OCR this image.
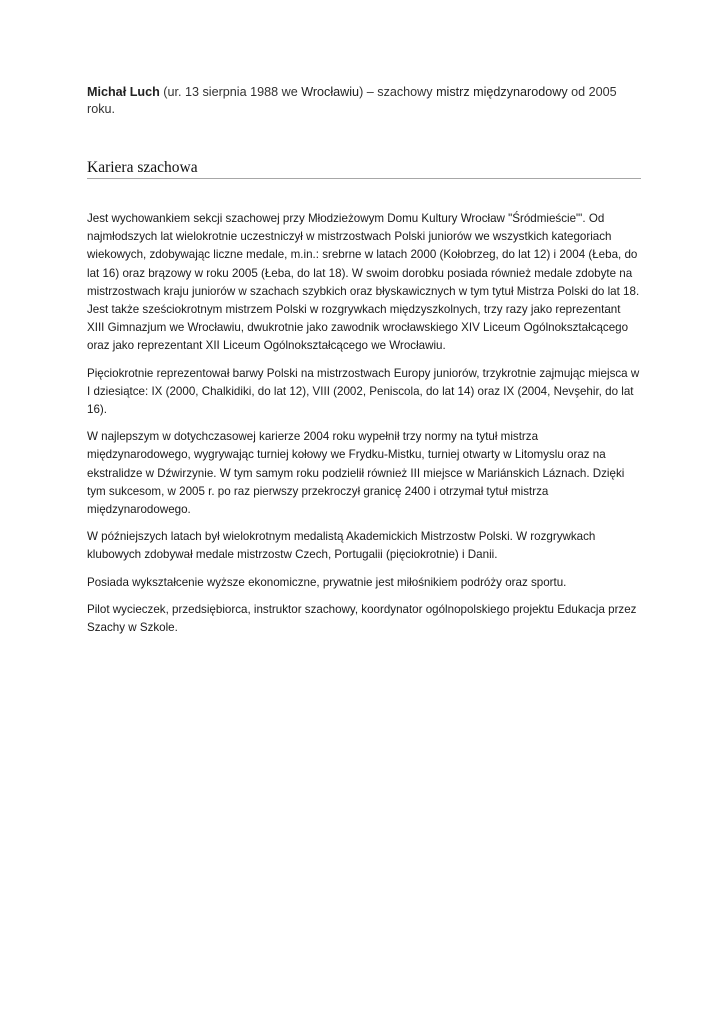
Michał Luch (ur. 13 sierpnia 1988 we Wrocławiu) – szachowy mistrz międzynarodowy od 2005 roku.

Kariera szachowa

Jest wychowankiem sekcji szachowej przy Młodzieżowym Domu Kultury Wrocław "Śródmieście"'. Od najmłodszych lat wielokrotnie uczestniczył w mistrzostwach Polski juniorów we wszystkich kategoriach wiekowych, zdobywając liczne medale, m.in.: srebrne w latach 2000 (Kołobrzeg, do lat 12) i 2004 (Łeba, do lat 16) oraz brązowy w roku 2005 (Łeba, do lat 18). W swoim dorobku posiada również medale zdobyte na mistrzostwach kraju juniorów w szachach szybkich oraz błyskawicznych w tym tytuł Mistrza Polski do lat 18. Jest także sześciokrotnym mistrzem Polski w rozgrywkach międzyszkolnych, trzy razy jako reprezentant XIII Gimnazjum we Wrocławiu, dwukrotnie jako zawodnik wrocławskiego XIV Liceum Ogólnokształcącego oraz jako reprezentant XII Liceum Ogólnokształcącego we Wrocławiu.

Pięciokrotnie reprezentował barwy Polski na mistrzostwach Europy juniorów, trzykrotnie zajmując miejsca w I dziesiątce: IX (2000, Chalkidiki, do lat 12), VIII (2002, Peniscola, do lat 14) oraz IX (2004, Nevşehir, do lat 16).

W najlepszym w dotychczasowej karierze 2004 roku wypełnił trzy normy na tytuł mistrza międzynarodowego, wygrywając turniej kołowy we Frydku-Mistku, turniej otwarty w Litomyslu oraz na ekstralidze w Dźwirzynie. W tym samym roku podzielił również III miejsce w Mariánskich Láznach. Dzięki tym sukcesom, w 2005 r. po raz pierwszy przekroczył granicę 2400 i otrzymał tytuł mistrza międzynarodowego.

W późniejszych latach był wielokrotnym medalistą Akademickich Mistrzostw Polski. W rozgrywkach klubowych zdobywał medale mistrzostw Czech, Portugalii (pięciokrotnie) i Danii.

Posiada wykształcenie wyższe ekonomiczne, prywatnie jest miłośnikiem podróży oraz sportu.

Pilot wycieczek, przedsiębiorca, instruktor szachowy, koordynator ogólnopolskiego projektu Edukacja przez Szachy w Szkole.
